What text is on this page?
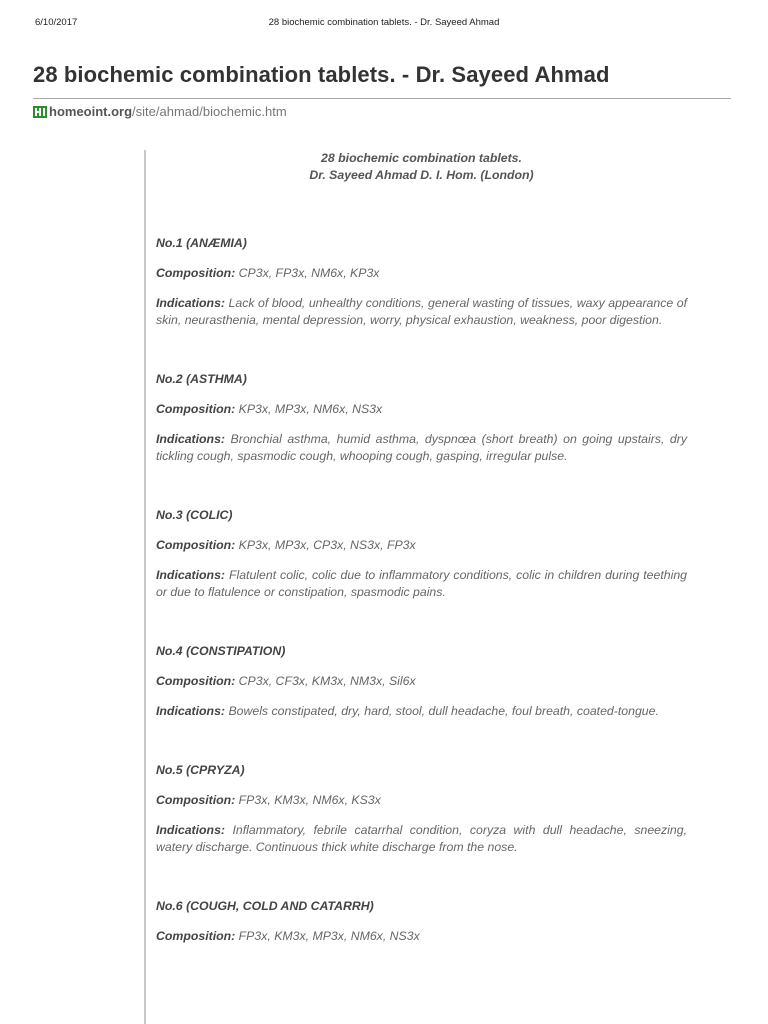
6/10/2017	28 biochemic combination tablets. - Dr. Sayeed Ahmad
28 biochemic combination tablets. - Dr. Sayeed Ahmad
homeoint.org /site/ahmad/biochemic.htm

28 biochemic combination tablets.

Dr. Sayeed Ahmad D. I. Hom. (London)

No.1 (ANÆMIA)

Composition: CP3x, FP3x, NM6x, KP3x

Indications: Lack of blood, unhealthy conditions, general wasting of tissues, waxy appearance of skin, neurasthenia, mental depression, worry, physical exhaustion, weakness, poor digestion.

No.2 (ASTHMA)

Composition: KP3x, MP3x, NM6x, NS3x

Indications: Bronchial asthma, humid asthma, dyspnœa (short breath) on going upstairs, dry tickling cough, spasmodic cough, whooping cough, gasping, irregular pulse.

No.3 (COLIC)

Composition: KP3x, MP3x, CP3x, NS3x, FP3x

Indications: Flatulent colic, colic due to inflammatory conditions, colic in children during teething or due to flatulence or constipation, spasmodic pains.

No.4 (CONSTIPATION)

Composition: CP3x, CF3x, KM3x, NM3x, Sil6x

Indications: Bowels constipated, dry, hard, stool, dull headache, foul breath, coated-tongue.

No.5 (CPRYZA)

Composition: FP3x, KM3x, NM6x, KS3x

Indications: Inflammatory, febrile catarrhal condition, coryza with dull headache, sneezing, watery discharge. Continuous thick white discharge from the nose.

No.6 (COUGH, COLD AND CATARRH)

Composition: FP3x, KM3x, MP3x, NM6x, NS3x
